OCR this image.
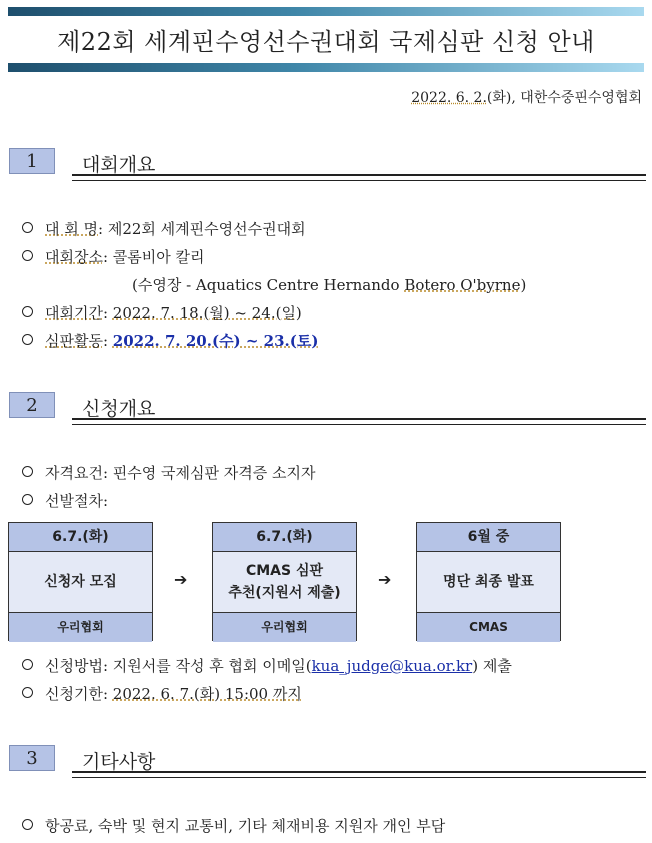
제22회 세계핀수영선수권대회 국제심판 신청 안내
2022. 6. 2.(화), 대한수중핀수영협회
1	대회개요
대 회 명: 제22회 세계핀수영선수권대회
대회장소: 콜롬비아 칼리
(수영장 - Aquatics Centre Hernando Botero O'byrne)
대회기간: 2022. 7. 18.(월) ~ 24.(일)
심판활동: 2022. 7. 20.(수) ~ 23.(토)
2	신청개요
자격요건: 핀수영 국제심판 자격증 소지자
선발절차:
6.7.(화)
신청자 모집
우리협회
➔
6.7.(화)
CMAS 심판
추천(지원서 제출)
우리협회
➔
6월 중
명단 최종 발표
CMAS
신청방법: 지원서를 작성 후 협회 이메일(kua_judge@kua.or.kr) 제출
신청기한: 2022. 6. 7.(화) 15:00 까지
3	기타사항
항공료, 숙박 및 현지 교통비, 기타 체재비용 지원자 개인 부담
